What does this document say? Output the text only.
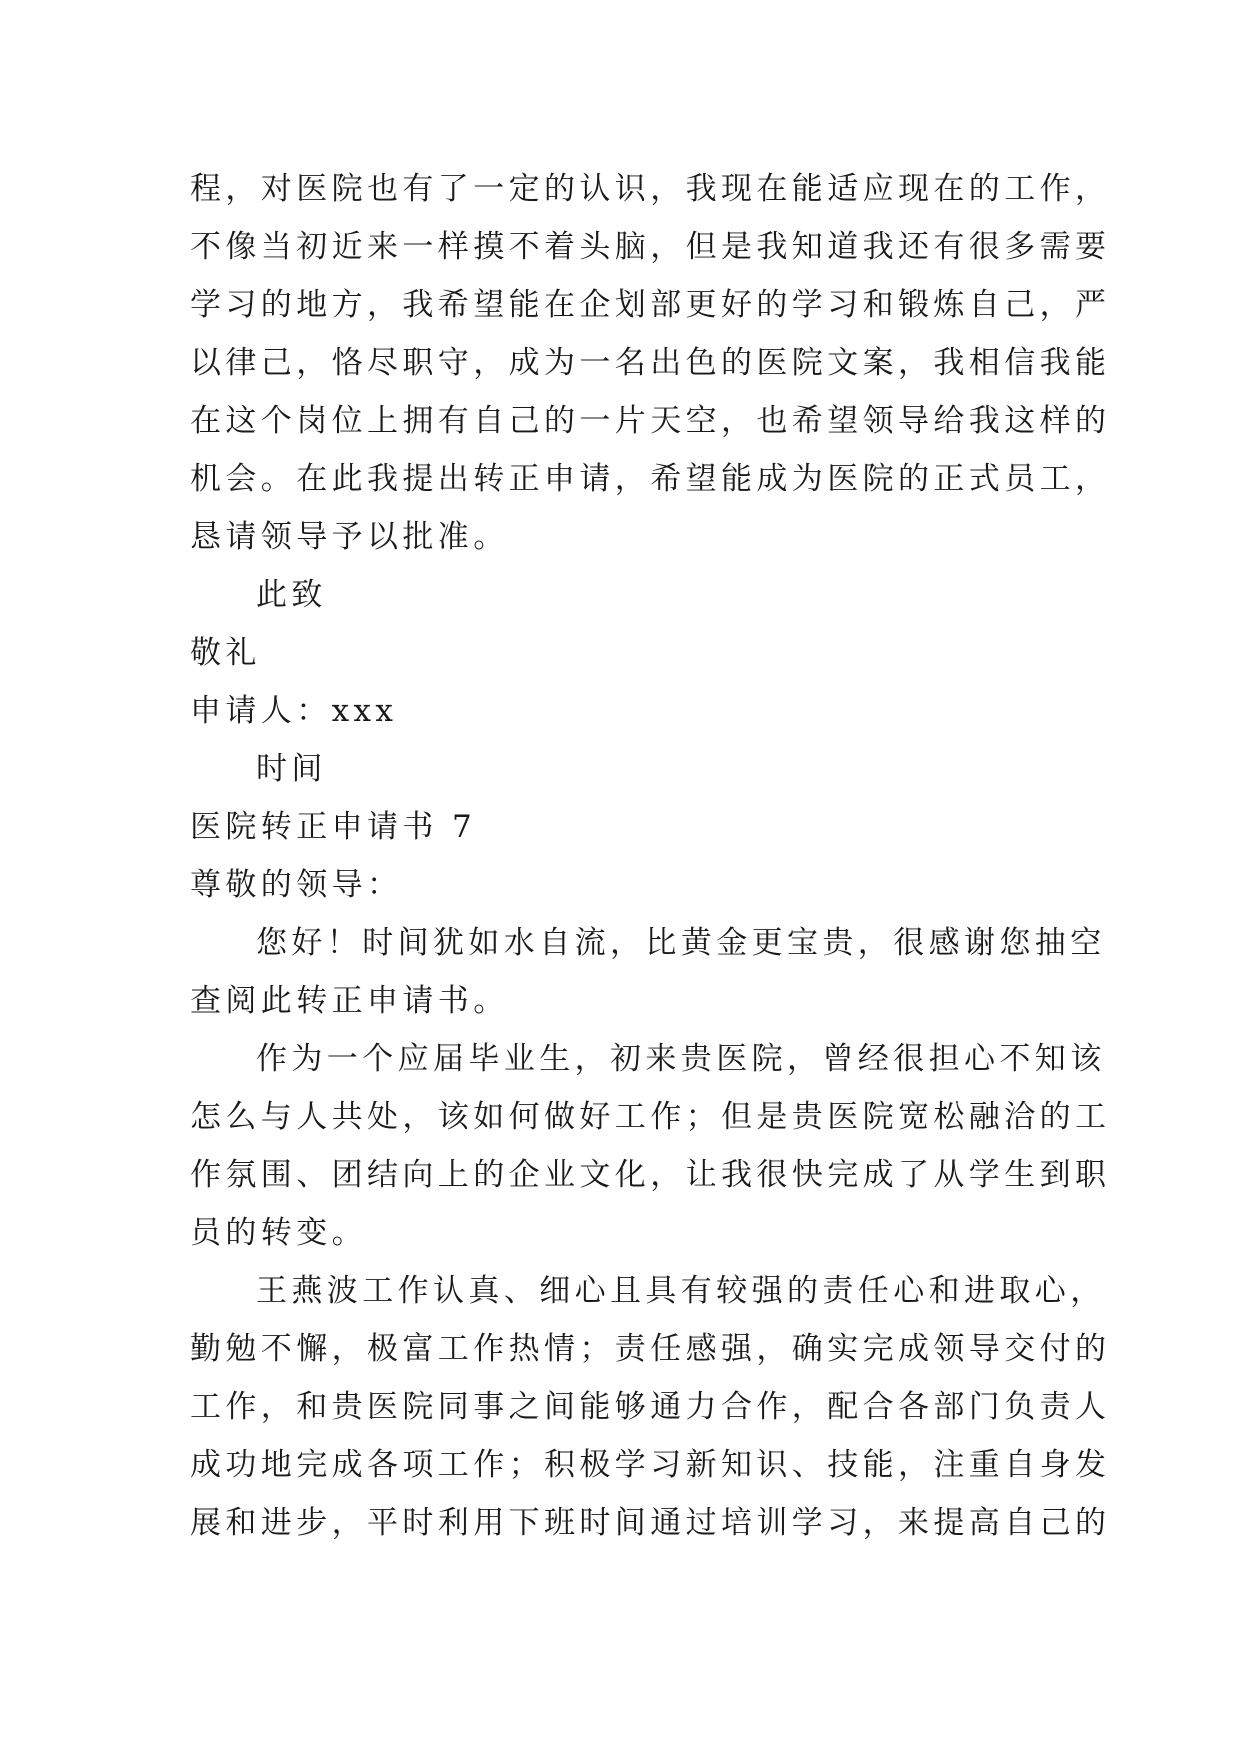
程，对医院也有了一定的认识，我现在能适应现在的工作，
不像当初近来一样摸不着头脑，但是我知道我还有很多需要
学习的地方，我希望能在企划部更好的学习和锻炼自己，严
以律己，恪尽职守，成为一名出色的医院文案，我相信我能
在这个岗位上拥有自己的一片天空，也希望领导给我这样的
机会。在此我提出转正申请，希望能成为医院的正式员工，
恳请领导予以批准。
此致
敬礼
申请人：xxx
时间
医院转正申请书 7
尊敬的领导：
您好！时间犹如水自流，比黄金更宝贵，很感谢您抽空
查阅此转正申请书。
作为一个应届毕业生，初来贵医院，曾经很担心不知该
怎么与人共处，该如何做好工作；但是贵医院宽松融洽的工
作氛围、团结向上的企业文化，让我很快完成了从学生到职
员的转变。
王燕波工作认真、细心且具有较强的责任心和进取心，
勤勉不懈，极富工作热情；责任感强，确实完成领导交付的
工作，和贵医院同事之间能够通力合作，配合各部门负责人
成功地完成各项工作；积极学习新知识、技能，注重自身发
展和进步，平时利用下班时间通过培训学习，来提高自己的
